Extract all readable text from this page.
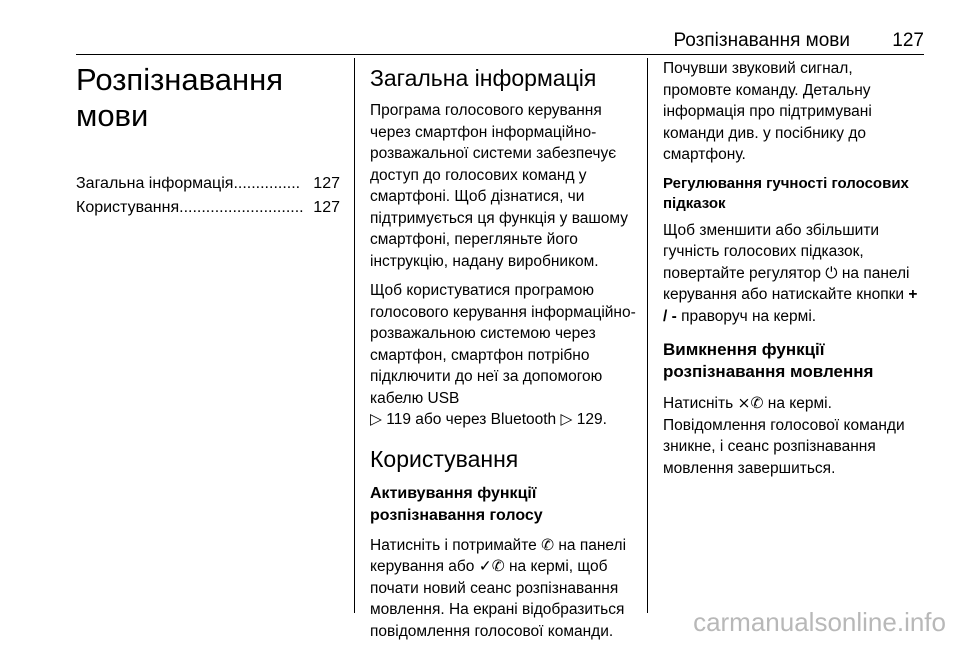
Розпізнавання мови 127
Розпізнавання мови
Загальна інформація ............... 127
Користування ............................ 127
Загальна інформація

Програма голосового керування через смартфон інформаційно-розважальної системи забезпечує доступ до голосових команд у смартфоні. Щоб дізнатися, чи підтримується ця функція у вашому смартфоні, перегляньте його інструкцію, надану виробником.

Щоб користуватися програмою голосового керування інформаційно-розважальною системою через смартфон, смартфон потрібно підключити до неї за допомогою кабелю USB
▷ 119 або через Bluetooth ▷ 129.

Користування
Активування функції розпізнавання голосу

Натисніть і потримайте ✆ на панелі керування або ✓✆ на кермі, щоб почати новий сеанс розпізнавання мовлення. На екрані відобразиться повідомлення голосової команди.

Почувши звуковий сигнал, промовте команду. Детальну інформація про підтримувані команди див. у посібнику до смартфону.

Регулювання гучності голосових підказок

Щоб зменшити або збільшити гучність голосових підказок, повертайте регулятор ⏻ на панелі керування або натискайте кнопки + / - праворуч на кермі.

Вимкнення функції розпізнавання мовлення

Натисніть ⨯✆ на кермі.

Повідомлення голосової команди зникне, і сеанс розпізнавання мовлення завершиться.

carmanualsonline.info
